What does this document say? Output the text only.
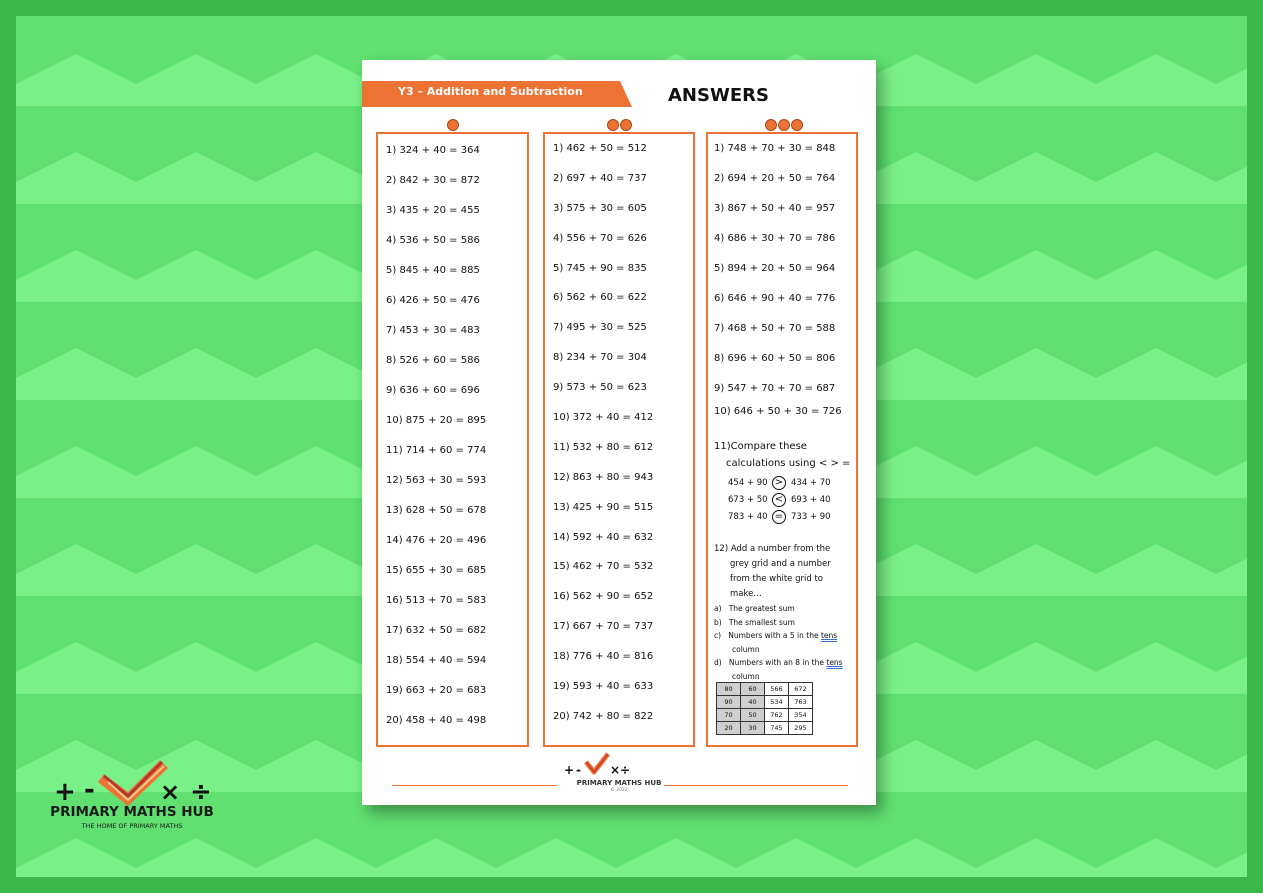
Y3 – Addition and Subtraction	ANSWERS
1) 324 + 40 = 364
2) 842 + 30 = 872
3) 435 + 20 = 455
4) 536 + 50 = 586
5) 845 + 40 = 885
6) 426 + 50 = 476
7) 453 + 30 = 483
8) 526 + 60 = 586
9) 636 + 60 = 696
10) 875 + 20 = 895
11) 714 + 60 = 774
12) 563 + 30 = 593
13) 628 + 50 = 678
14) 476 + 20 = 496
15) 655 + 30 = 685
16) 513 + 70 = 583
17) 632 + 50 = 682
18) 554 + 40 = 594
19) 663 + 20 = 683
20) 458 + 40 = 498
1) 462 + 50 = 512
2) 697 + 40 = 737
3) 575 + 30 = 605
4) 556 + 70 = 626
5) 745 + 90 = 835
6) 562 + 60 = 622
7) 495 + 30 = 525
8) 234 + 70 = 304
9) 573 + 50 = 623
10) 372 + 40 = 412
11) 532 + 80 = 612
12) 863 + 80 = 943
13) 425 + 90 = 515
14) 592 + 40 = 632
15) 462 + 70 = 532
16) 562 + 90 = 652
17) 667 + 70 = 737
18) 776 + 40 = 816
19) 593 + 40 = 633
20) 742 + 80 = 822
1) 748 + 70 + 30 = 848
2) 694 + 20 + 50 = 764
3) 867 + 50 + 40 = 957
4) 686 + 30 + 70 = 786
5) 894 + 20 + 50 = 964
6) 646 + 90 + 40 = 776
7) 468 + 50 + 70 = 588
8) 696 + 60 + 50 = 806
9) 547 + 70 + 70 = 687
10) 646 + 50 + 30 = 726
11)Compare these
calculations using < > =
454 + 90 > 434 + 70
673 + 50 < 693 + 40
783 + 40 = 733 + 90
12) Add a number from the
grey grid and a number
from the white grid to
make…
a)   The greatest sum
b)   The smallest sum
c)   Numbers with a 5 in the tens
column
d)   Numbers with an 8 in the tens
column
80	60	566	672
90	40	534	763
70	50	762	354
20	30	745	295
+ - × ÷
PRIMARY MATHS HUB
© 2022
+ -	× ÷
PRIMARY MATHS HUB
THE HOME OF PRIMARY MATHS
